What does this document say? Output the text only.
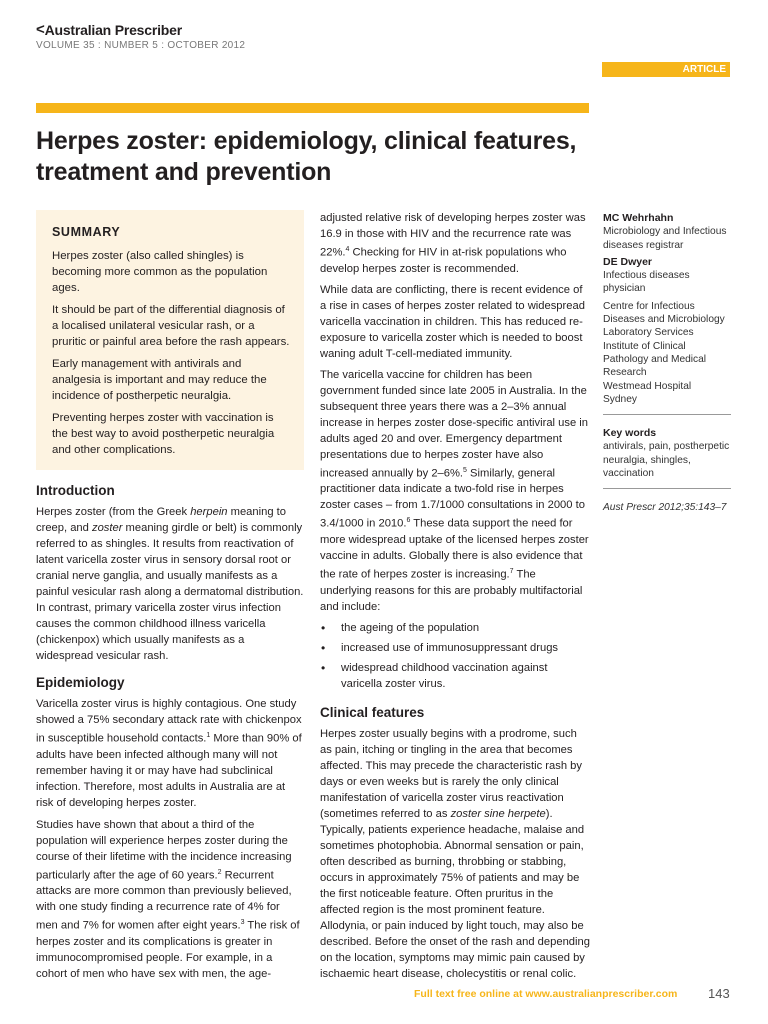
< Australian Prescriber
VOLUME 35 : NUMBER 5 : OCTOBER 2012
ARTICLE
Herpes zoster: epidemiology, clinical features, treatment and prevention
SUMMARY

Herpes zoster (also called shingles) is becoming more common as the population ages.

It should be part of the differential diagnosis of a localised unilateral vesicular rash, or a pruritic or painful area before the rash appears.

Early management with antivirals and analgesia is important and may reduce the incidence of postherpetic neuralgia.

Preventing herpes zoster with vaccination is the best way to avoid postherpetic neuralgia and other complications.

Introduction

Herpes zoster (from the Greek herpein meaning to creep, and zoster meaning girdle or belt) is commonly referred to as shingles. It results from reactivation of latent varicella zoster virus in sensory dorsal root or cranial nerve ganglia, and usually manifests as a painful vesicular rash along a dermatomal distribution. In contrast, primary varicella zoster virus infection causes the common childhood illness varicella (chickenpox) which usually manifests as a widespread vesicular rash.

Epidemiology

Varicella zoster virus is highly contagious. One study showed a 75% secondary attack rate with chickenpox in susceptible household contacts.$^1$ More than 90% of adults have been infected although many will not remember having it or may have had subclinical infection. Therefore, most adults in Australia are at risk of developing herpes zoster.

Studies have shown that about a third of the population will experience herpes zoster during the course of their lifetime with the incidence increasing particularly after the age of 60 years.$^2$ Recurrent attacks are more common than previously believed, with one study finding a recurrence rate of 4% for men and 7% for women after eight years.$^3$ The risk of herpes zoster and its complications is greater in immunocompromised people. For example, in a cohort of men who have sex with men, the age-

adjusted relative risk of developing herpes zoster was 16.9 in those with HIV and the recurrence rate was 22%.$^4$ Checking for HIV in at-risk populations who develop herpes zoster is recommended.

While data are conflicting, there is recent evidence of a rise in cases of herpes zoster related to widespread varicella vaccination in children. This has reduced re-exposure to varicella zoster which is needed to boost waning adult T-cell-mediated immunity.

The varicella vaccine for children has been government funded since late 2005 in Australia. In the subsequent three years there was a 2–3% annual increase in herpes zoster dose-specific antiviral use in adults aged 20 and over. Emergency department presentations due to herpes zoster have also increased annually by 2–6%.$^5$ Similarly, general practitioner data indicate a two-fold rise in herpes zoster cases – from 1.7/1000 consultations in 2000 to 3.4/1000 in 2010.$^6$ These data support the need for more widespread uptake of the licensed herpes zoster vaccine in adults. Globally there is also evidence that the rate of herpes zoster is increasing.$^7$ The underlying reasons for this are probably multifactorial and include:

• the ageing of the population
• increased use of immunosuppressant drugs
• widespread childhood vaccination against varicella zoster virus.
Clinical features

Herpes zoster usually begins with a prodrome, such as pain, itching or tingling in the area that becomes affected. This may precede the characteristic rash by days or even weeks but is rarely the only clinical manifestation of varicella zoster virus reactivation (sometimes referred to as zoster sine herpete). Typically, patients experience headache, malaise and sometimes photophobia. Abnormal sensation or pain, often described as burning, throbbing or stabbing, occurs in approximately 75% of patients and may be the first noticeable feature. Often pruritus in the affected region is the most prominent feature. Allodynia, or pain induced by light touch, may also be described. Before the onset of the rash and depending on the location, symptoms may mimic pain caused by ischaemic heart disease, cholecystitis or renal colic.

MC Wehrhahn

Microbiology and Infectious diseases registrar

DE Dwyer

Infectious diseases physician

Centre for Infectious Diseases and Microbiology Laboratory Services Institute of Clinical Pathology and Medical Research

Westmead Hospital

Sydney

Key words

antivirals, pain, postherpetic neuralgia, shingles, vaccination

Aust Prescr 2012;35:143–7

Full text free online at www.australianprescriber.com 143
